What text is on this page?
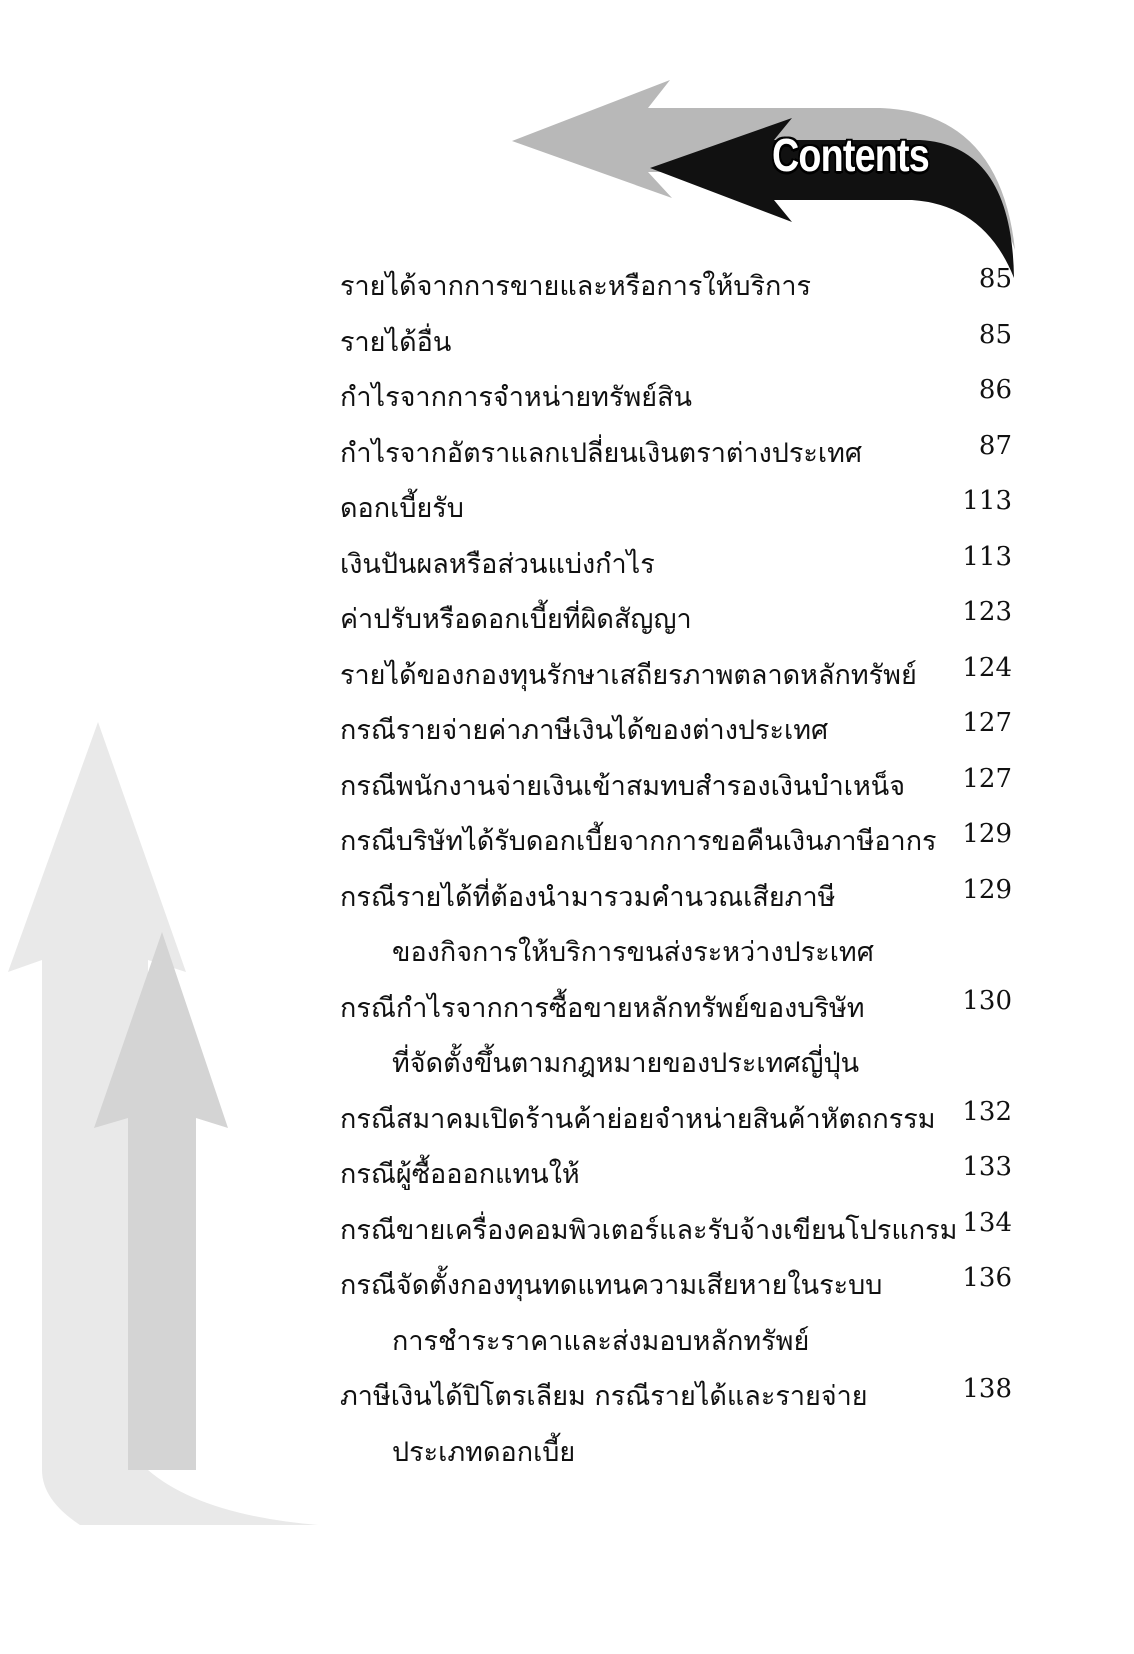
Contents
รายได้จากการขายและหรือการให้บริการ	85
รายได้อื่น	85
กำไรจากการจำหน่ายทรัพย์สิน	86
กำไรจากอัตราแลกเปลี่ยนเงินตราต่างประเทศ	87
ดอกเบี้ยรับ	113
เงินปันผลหรือส่วนแบ่งกำไร	113
ค่าปรับหรือดอกเบี้ยที่ผิดสัญญา	123
รายได้ของกองทุนรักษาเสถียรภาพตลาดหลักทรัพย์ 124
กรณีรายจ่ายค่าภาษีเงินได้ของต่างประเทศ	127
กรณีพนักงานจ่ายเงินเข้าสมทบสำรองเงินบำเหน็จ 127
กรณีบริษัทได้รับดอกเบี้ยจากการขอคืนเงินภาษีอากร 129
กรณีรายได้ที่ต้องนำมารวมคำนวณเสียภาษี	129
ของกิจการให้บริการขนส่งระหว่างประเทศ
กรณีกำไรจากการซื้อขายหลักทรัพย์ของบริษัท	130
ที่จัดตั้งขึ้นตามกฎหมายของประเทศญี่ปุ่น
กรณีสมาคมเปิดร้านค้าย่อยจำหน่ายสินค้าหัตถกรรม 132
กรณีผู้ซื้อออกแทนให้	133
กรณีขายเครื่องคอมพิวเตอร์และรับจ้างเขียนโปรแกรม 134
กรณีจัดตั้งกองทุนทดแทนความเสียหายในระบบ	136
การชำระราคาและส่งมอบหลักทรัพย์
ภาษีเงินได้ปิโตรเลียม กรณีรายได้และรายจ่าย	138
ประเภทดอกเบี้ย
